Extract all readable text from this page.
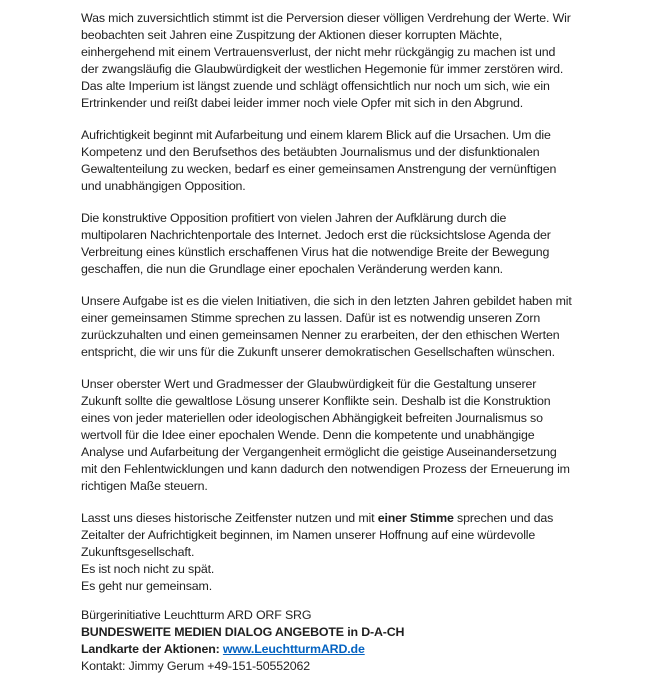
Was mich zuversichtlich stimmt ist die Perversion dieser völligen Verdrehung der Werte. Wir
beobachten seit Jahren eine Zuspitzung der Aktionen dieser korrupten Mächte,
einhergehend mit einem Vertrauensverlust, der nicht mehr rückgängig zu machen ist und
der zwangsläufig die Glaubwürdigkeit der westlichen Hegemonie für immer zerstören wird.
Das alte Imperium ist längst zuende und schlägt offensichtlich nur noch um sich, wie ein
Ertrinkender und reißt dabei leider immer noch viele Opfer mit sich in den Abgrund.
Aufrichtigkeit beginnt mit Aufarbeitung und einem klarem Blick auf die Ursachen. Um die
Kompetenz und den Berufsethos des betäubten Journalismus und der disfunktionalen
Gewaltenteilung zu wecken, bedarf es einer gemeinsamen Anstrengung der vernünftigen
und unabhängigen Opposition.
Die konstruktive Opposition profitiert von vielen Jahren der Aufklärung durch die
multipolaren Nachrichtenportale des Internet. Jedoch erst die rücksichtslose Agenda der
Verbreitung eines künstlich erschaffenen Virus hat die notwendige Breite der Bewegung
geschaffen, die nun die Grundlage einer epochalen Veränderung werden kann.
Unsere Aufgabe ist es die vielen Initiativen, die sich in den letzten Jahren gebildet haben mit
einer gemeinsamen Stimme sprechen zu lassen. Dafür ist es notwendig unseren Zorn
zurückzuhalten und einen gemeinsamen Nenner zu erarbeiten, der den ethischen Werten
entspricht, die wir uns für die Zukunft unserer demokratischen Gesellschaften wünschen.
Unser oberster Wert und Gradmesser der Glaubwürdigkeit für die Gestaltung unserer
Zukunft sollte die gewaltlose Lösung unserer Konflikte sein. Deshalb ist die Konstruktion
eines von jeder materiellen oder ideologischen Abhängigkeit befreiten Journalismus so
wertvoll für die Idee einer epochalen Wende. Denn die kompetente und unabhängige
Analyse und Aufarbeitung der Vergangenheit ermöglicht die geistige Auseinandersetzung
mit den Fehlentwicklungen und kann dadurch den notwendigen Prozess der Erneuerung im
richtigen Maße steuern.
Lasst uns dieses historische Zeitfenster nutzen und mit einer Stimme sprechen und das
Zeitalter der Aufrichtigkeit beginnen, im Namen unserer Hoffnung auf eine würdevolle
Zukunftsgesellschaft.
Es ist noch nicht zu spät.
Es geht nur gemeinsam.
Bürgerinitiative Leuchtturm ARD ORF SRG
BUNDESWEITE MEDIEN DIALOG ANGEBOTE in D-A-CH
Landkarte der Aktionen: www.LeuchtturmARD.de
Kontakt: Jimmy Gerum +49-151-50552062
